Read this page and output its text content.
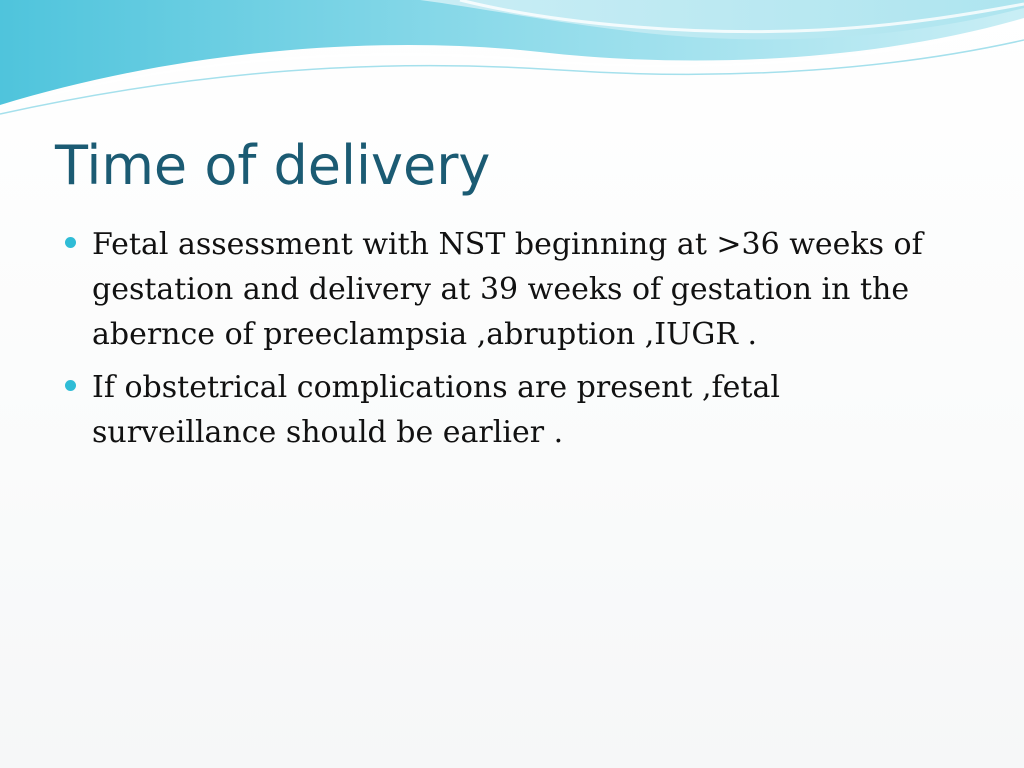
Time of delivery
Fetal assessment with NST beginning at >36 weeks of gestation and delivery at 39 weeks of gestation in the abernce of preeclampsia ,abruption ,IUGR .
If obstetrical complications are present ,fetal surveillance should be earlier .
